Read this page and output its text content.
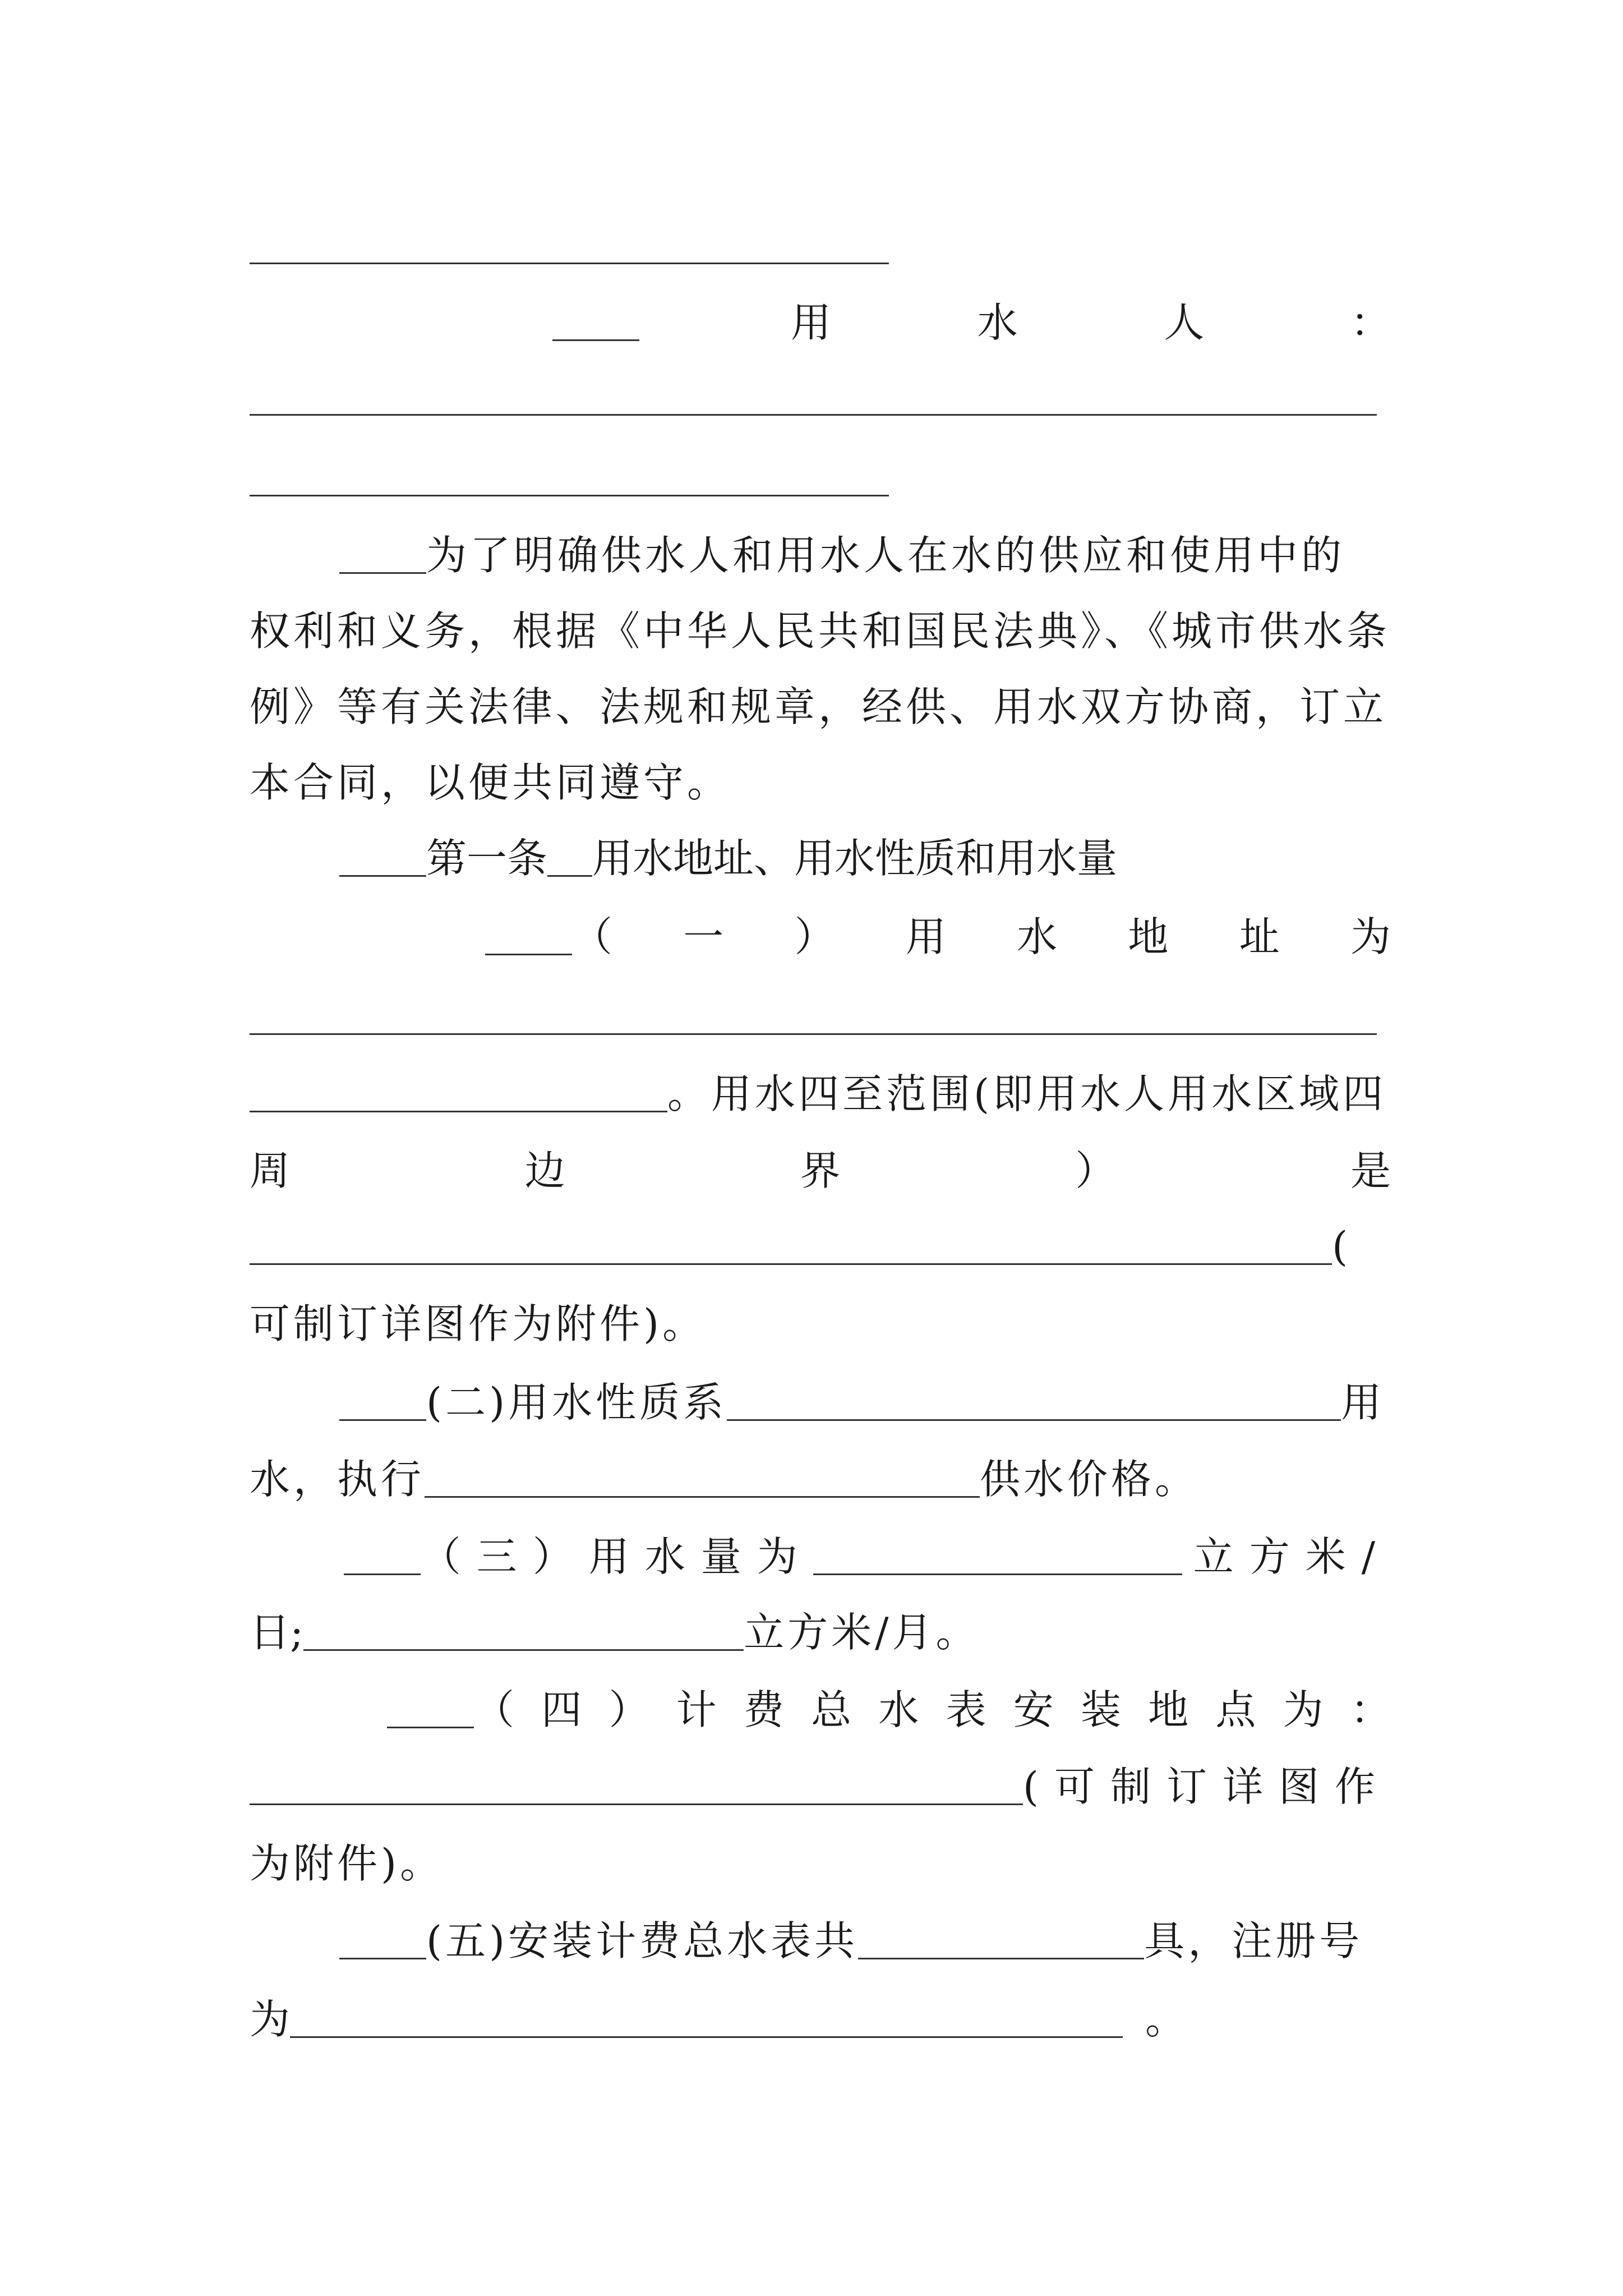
用	水	人	：
为了明确供水人和用水人在水的供应和使用中的
权利和义务，根据《中华人民共和国民法典》、《城市供水条
例》等有关法律、法规和规章，经供、用水双方协商，订立
本合同，以便共同遵守。
第一条 用水地址、用水性质和用水量
（ 一 ） 用 水 地 址 为
。用水四至范围(即用水人用水区域四
周	边	界	）	是
(
可制订详图作为附件)。
(二)用水性质系	用
水，执行	供水价格。
（三）用水量为	立方米/
日;	立方米/月。
（ 四 ） 计 费 总 水 表 安 装 地 点 为 ：
(可制订详图作
为附件)。
(五)安装计费总水表共	具，注册号
为	。
